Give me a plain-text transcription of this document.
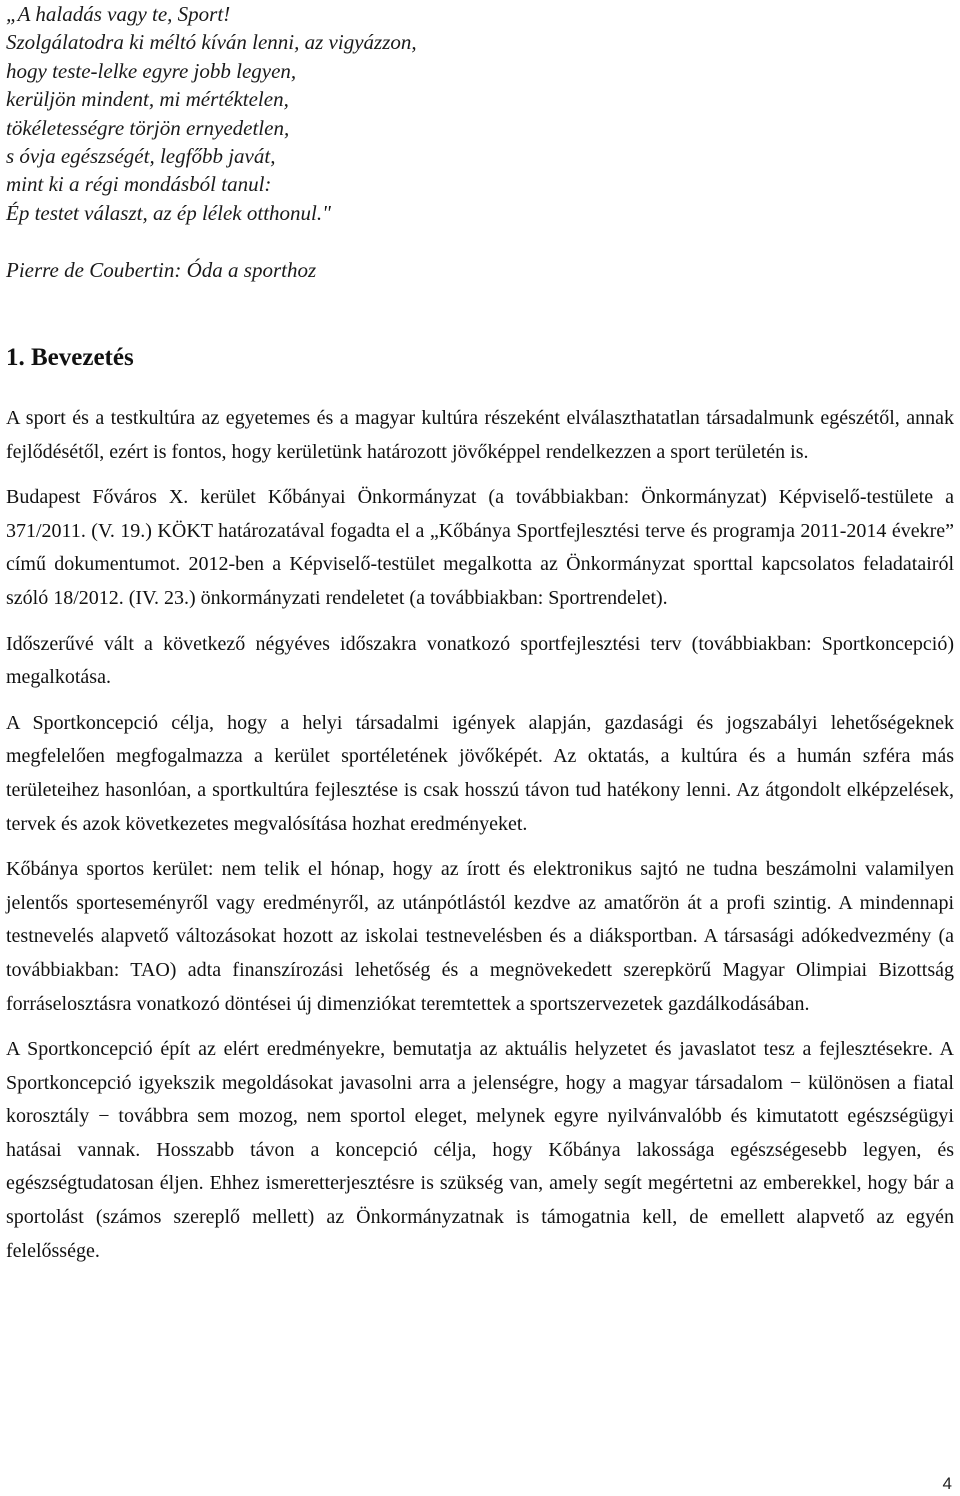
„A haladás vagy te, Sport!
Szolgálatodra ki méltó kíván lenni, az vigyázzon,
hogy teste-lelke egyre jobb legyen,
kerüljön mindent, mi mértéktelen,
tökéletességre törjön ernyedetlen,
s óvja egészségét, legfőbb javát,
mint ki a régi mondásból tanul:
Ép testet választ, az ép lélek otthonul."
Pierre de Coubertin: Óda a sporthoz
1. Bevezetés

A sport és a testkultúra az egyetemes és a magyar kultúra részeként elválaszthatatlan társadalmunk egészétől, annak fejlődésétől, ezért is fontos, hogy kerületünk határozott jövőképpel rendelkezzen a sport területén is.

Budapest Főváros X. kerület Kőbányai Önkormányzat (a továbbiakban: Önkormányzat) Képviselő-testülete a 371/2011. (V. 19.) KÖKT határozatával fogadta el a „Kőbánya Sportfejlesztési terve és programja 2011-2014 évekre” című dokumentumot. 2012-ben a Képviselő-testület megalkotta az Önkormányzat sporttal kapcsolatos feladatairól szóló 18/2012. (IV. 23.) önkormányzati rendeletet (a továbbiakban: Sportrendelet).

Időszerűvé vált a következő négyéves időszakra vonatkozó sportfejlesztési terv (továbbiakban: Sportkoncepció) megalkotása.

A Sportkoncepció célja, hogy a helyi társadalmi igények alapján, gazdasági és jogszabályi lehetőségeknek megfelelően megfogalmazza a kerület sportéletének jövőképét. Az oktatás, a kultúra és a humán szféra más területeihez hasonlóan, a sportkultúra fejlesztése is csak hosszú távon tud hatékony lenni. Az átgondolt elképzelések, tervek és azok következetes megvalósítása hozhat eredményeket.

Kőbánya sportos kerület: nem telik el hónap, hogy az írott és elektronikus sajtó ne tudna beszámolni valamilyen jelentős sporteseményről vagy eredményről, az utánpótlástól kezdve az amatőrön át a profi szintig. A mindennapi testnevelés alapvető változásokat hozott az iskolai testnevelésben és a diáksportban. A társasági adókedvezmény (a továbbiakban: TAO) adta finanszírozási lehetőség és a megnövekedett szerepkörű Magyar Olimpiai Bizottság forráselosztásra vonatkozó döntései új dimenziókat teremtettek a sportszervezetek gazdálkodásában.

A Sportkoncepció épít az elért eredményekre, bemutatja az aktuális helyzetet és javaslatot tesz a fejlesztésekre. A Sportkoncepció igyekszik megoldásokat javasolni arra a jelenségre, hogy a magyar társadalom − különösen a fiatal korosztály − továbbra sem mozog, nem sportol eleget, melynek egyre nyilvánvalóbb és kimutatott egészségügyi hatásai vannak. Hosszabb távon a koncepció célja, hogy Kőbánya lakossága egészségesebb legyen, és egészségtudatosan éljen. Ehhez ismeretterjesztésre is szükség van, amely segít megértetni az emberekkel, hogy bár a sportolást (számos szereplő mellett) az Önkormányzatnak is támogatnia kell, de emellett alapvető az egyén felelőssége.

4
